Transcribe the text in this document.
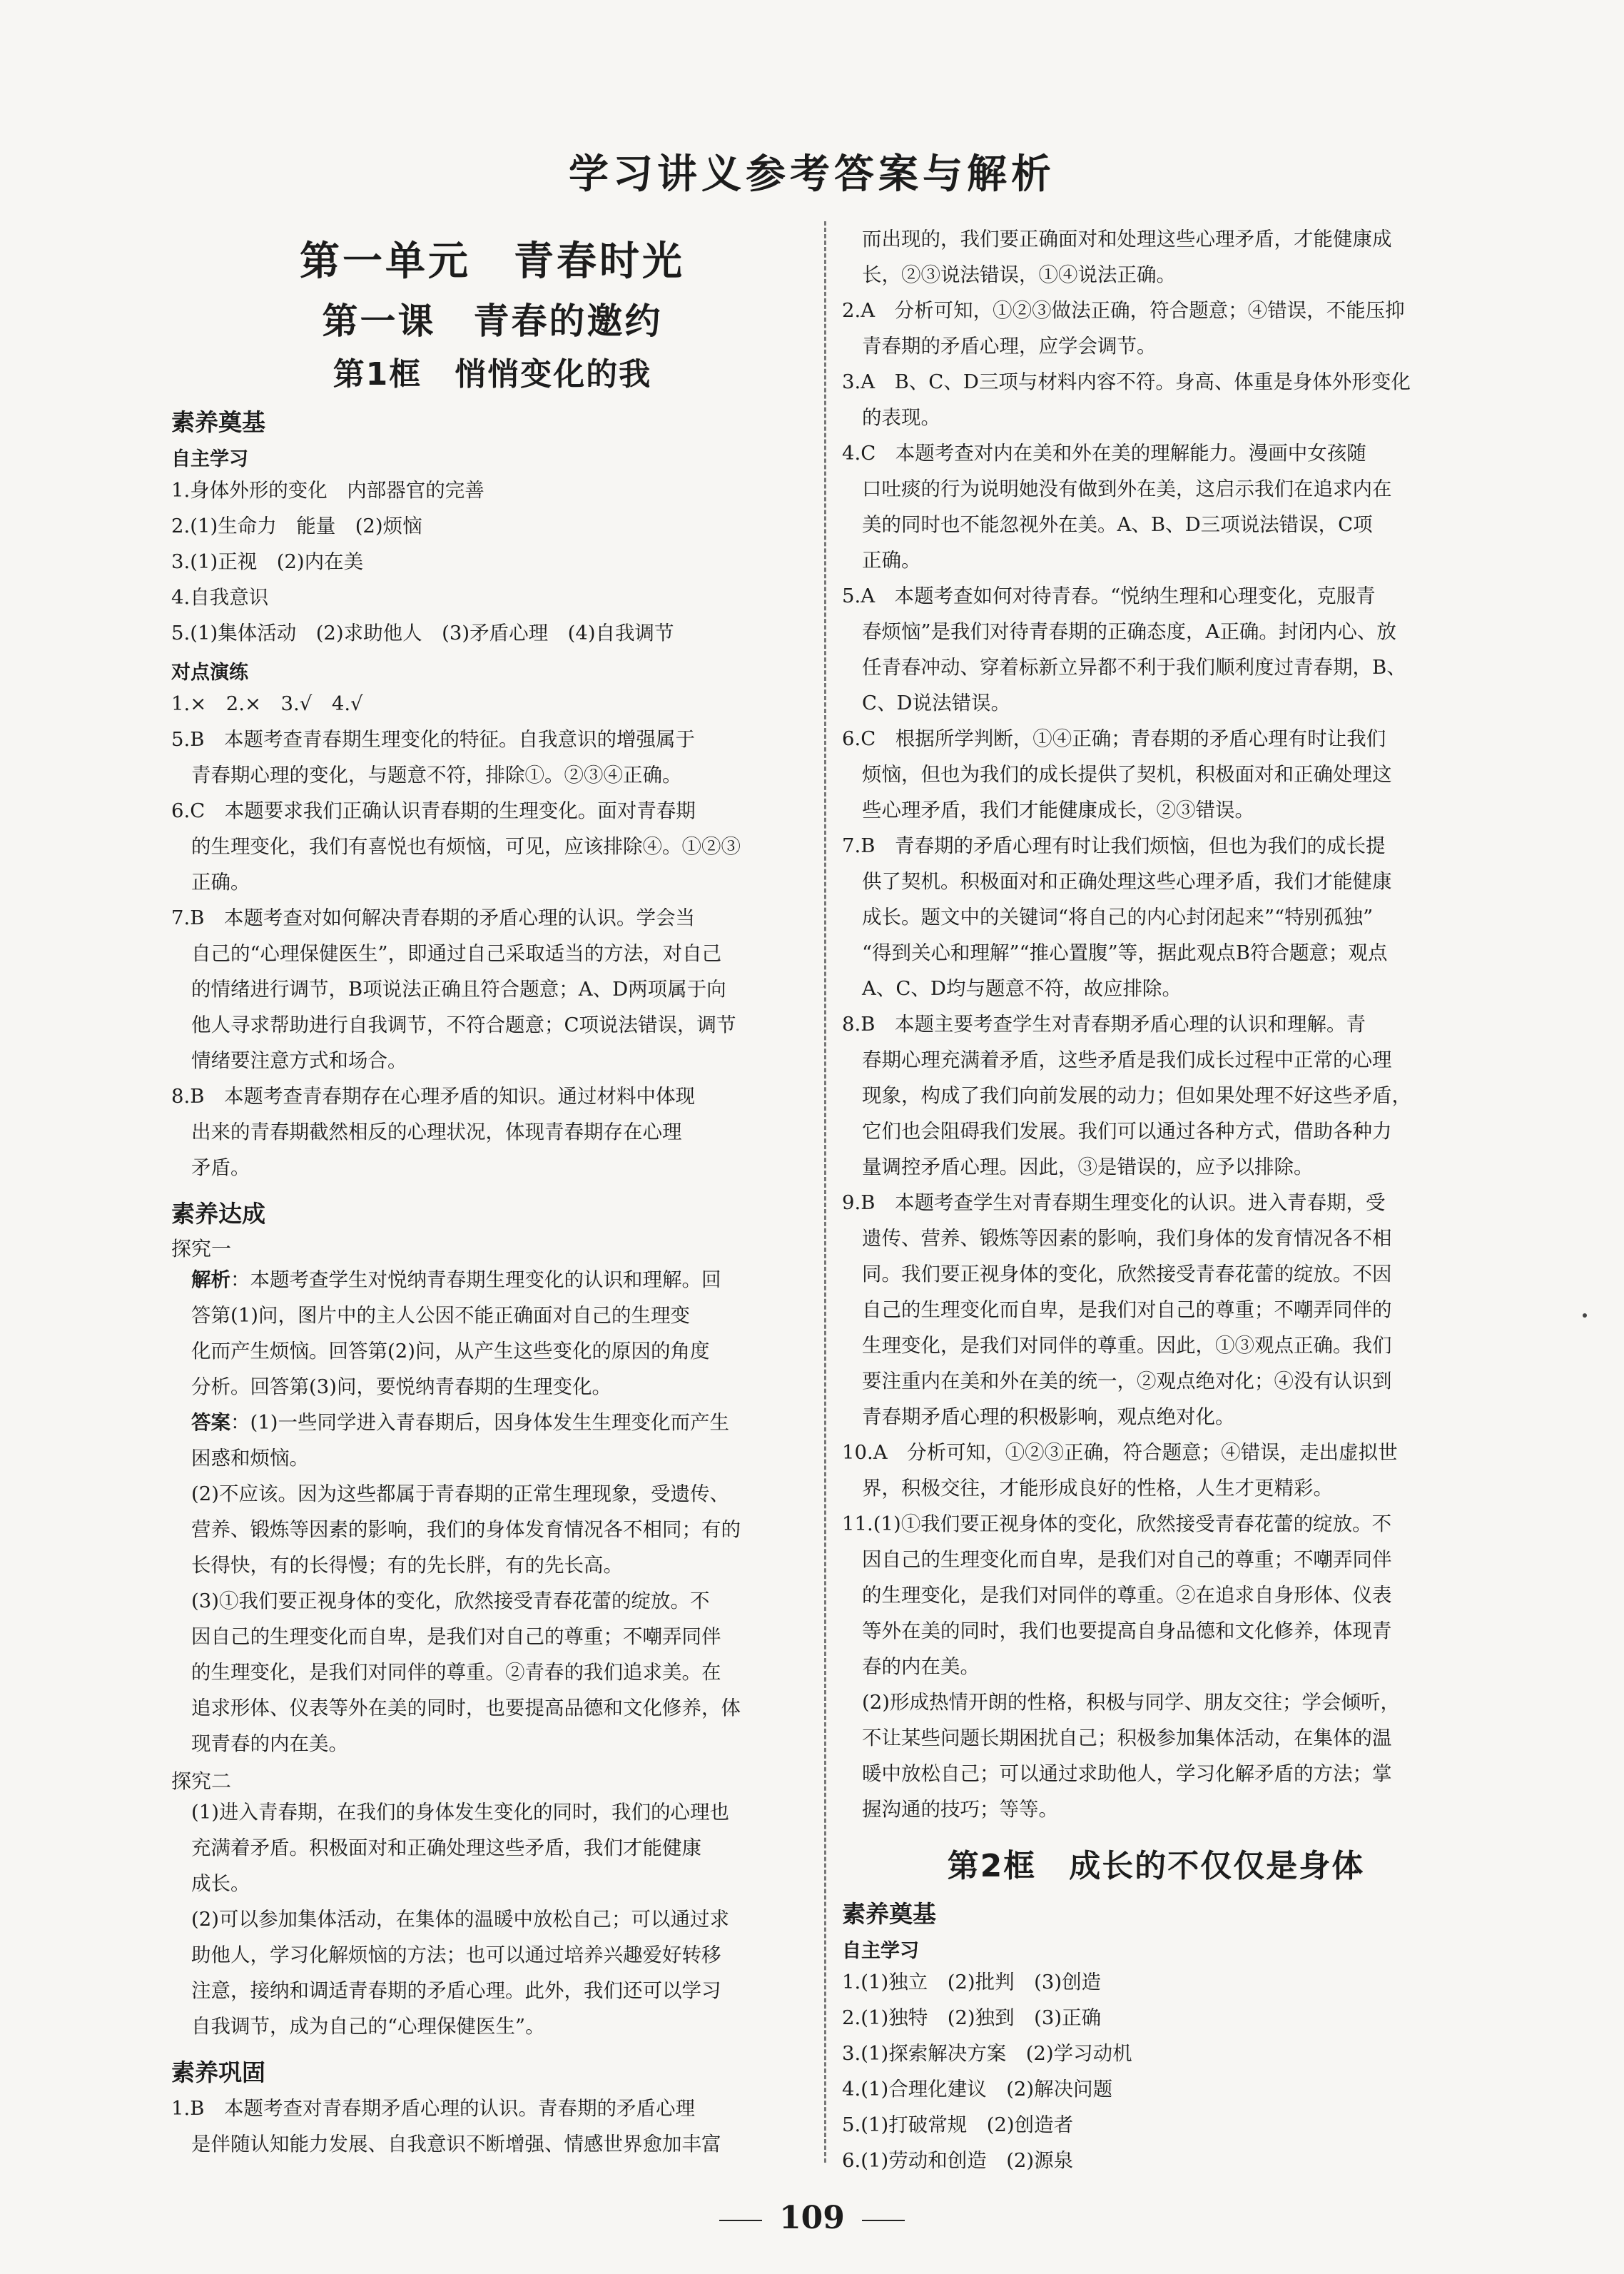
学习讲义参考答案与解析
第一单元　青春时光
第一课　青春的邀约
第1框　悄悄变化的我
素养奠基
自主学习
1.身体外形的变化　内部器官的完善
2.(1)生命力　能量　(2)烦恼
3.(1)正视　(2)内在美
4.自我意识
5.(1)集体活动　(2)求助他人　(3)矛盾心理　(4)自我调节
对点演练
1.×　2.×　3.√　4.√
5.B　本题考查青春期生理变化的特征。自我意识的增强属于
青春期心理的变化，与题意不符，排除①。②③④正确。
6.C　本题要求我们正确认识青春期的生理变化。面对青春期
的生理变化，我们有喜悦也有烦恼，可见，应该排除④。①②③
正确。
7.B　本题考查对如何解决青春期的矛盾心理的认识。学会当
自己的“心理保健医生”，即通过自己采取适当的方法，对自己
的情绪进行调节，B项说法正确且符合题意；A、D两项属于向
他人寻求帮助进行自我调节，不符合题意；C项说法错误，调节
情绪要注意方式和场合。
8.B　本题考查青春期存在心理矛盾的知识。通过材料中体现
出来的青春期截然相反的心理状况，体现青春期存在心理
矛盾。
素养达成
探究一
解析：本题考查学生对悦纳青春期生理变化的认识和理解。回
答第(1)问，图片中的主人公因不能正确面对自己的生理变
化而产生烦恼。回答第(2)问，从产生这些变化的原因的角度
分析。回答第(3)问，要悦纳青春期的生理变化。
答案：(1)一些同学进入青春期后，因身体发生生理变化而产生
困惑和烦恼。
(2)不应该。因为这些都属于青春期的正常生理现象，受遗传、
营养、锻炼等因素的影响，我们的身体发育情况各不相同；有的
长得快，有的长得慢；有的先长胖，有的先长高。
(3)①我们要正视身体的变化，欣然接受青春花蕾的绽放。不
因自己的生理变化而自卑，是我们对自己的尊重；不嘲弄同伴
的生理变化，是我们对同伴的尊重。②青春的我们追求美。在
追求形体、仪表等外在美的同时，也要提高品德和文化修养，体
现青春的内在美。
探究二
(1)进入青春期，在我们的身体发生变化的同时，我们的心理也
充满着矛盾。积极面对和正确处理这些矛盾，我们才能健康
成长。
(2)可以参加集体活动，在集体的温暖中放松自己；可以通过求
助他人，学习化解烦恼的方法；也可以通过培养兴趣爱好转移
注意，接纳和调适青春期的矛盾心理。此外，我们还可以学习
自我调节，成为自己的“心理保健医生”。
素养巩固
1.B　本题考查对青春期矛盾心理的认识。青春期的矛盾心理
是伴随认知能力发展、自我意识不断增强、情感世界愈加丰富
而出现的，我们要正确面对和处理这些心理矛盾，才能健康成
长，②③说法错误，①④说法正确。
2.A　分析可知，①②③做法正确，符合题意；④错误，不能压抑
青春期的矛盾心理，应学会调节。
3.A　B、C、D三项与材料内容不符。身高、体重是身体外形变化
的表现。
4.C　本题考查对内在美和外在美的理解能力。漫画中女孩随
口吐痰的行为说明她没有做到外在美，这启示我们在追求内在
美的同时也不能忽视外在美。A、B、D三项说法错误，C项
正确。
5.A　本题考查如何对待青春。“悦纳生理和心理变化，克服青
春烦恼”是我们对待青春期的正确态度，A正确。封闭内心、放
任青春冲动、穿着标新立异都不利于我们顺利度过青春期，B、
C、D说法错误。
6.C　根据所学判断，①④正确；青春期的矛盾心理有时让我们
烦恼，但也为我们的成长提供了契机，积极面对和正确处理这
些心理矛盾，我们才能健康成长，②③错误。
7.B　青春期的矛盾心理有时让我们烦恼，但也为我们的成长提
供了契机。积极面对和正确处理这些心理矛盾，我们才能健康
成长。题文中的关键词“将自己的内心封闭起来”“特别孤独”
“得到关心和理解”“推心置腹”等，据此观点B符合题意；观点
A、C、D均与题意不符，故应排除。
8.B　本题主要考查学生对青春期矛盾心理的认识和理解。青
春期心理充满着矛盾，这些矛盾是我们成长过程中正常的心理
现象，构成了我们向前发展的动力；但如果处理不好这些矛盾，
它们也会阻碍我们发展。我们可以通过各种方式，借助各种力
量调控矛盾心理。因此，③是错误的，应予以排除。
9.B　本题考查学生对青春期生理变化的认识。进入青春期，受
遗传、营养、锻炼等因素的影响，我们身体的发育情况各不相
同。我们要正视身体的变化，欣然接受青春花蕾的绽放。不因
自己的生理变化而自卑，是我们对自己的尊重；不嘲弄同伴的
生理变化，是我们对同伴的尊重。因此，①③观点正确。我们
要注重内在美和外在美的统一，②观点绝对化；④没有认识到
青春期矛盾心理的积极影响，观点绝对化。
10.A　分析可知，①②③正确，符合题意；④错误，走出虚拟世
界，积极交往，才能形成良好的性格，人生才更精彩。
11.(1)①我们要正视身体的变化，欣然接受青春花蕾的绽放。不
因自己的生理变化而自卑，是我们对自己的尊重；不嘲弄同伴
的生理变化，是我们对同伴的尊重。②在追求自身形体、仪表
等外在美的同时，我们也要提高自身品德和文化修养，体现青
春的内在美。
(2)形成热情开朗的性格，积极与同学、朋友交往；学会倾听，
不让某些问题长期困扰自己；积极参加集体活动，在集体的温
暖中放松自己；可以通过求助他人，学习化解矛盾的方法；掌
握沟通的技巧；等等。
第2框　成长的不仅仅是身体
素养奠基
自主学习
1.(1)独立　(2)批判　(3)创造
2.(1)独特　(2)独到　(3)正确
3.(1)探索解决方案　(2)学习动机
4.(1)合理化建议　(2)解决问题
5.(1)打破常规　(2)创造者
6.(1)劳动和创造　(2)源泉
109
